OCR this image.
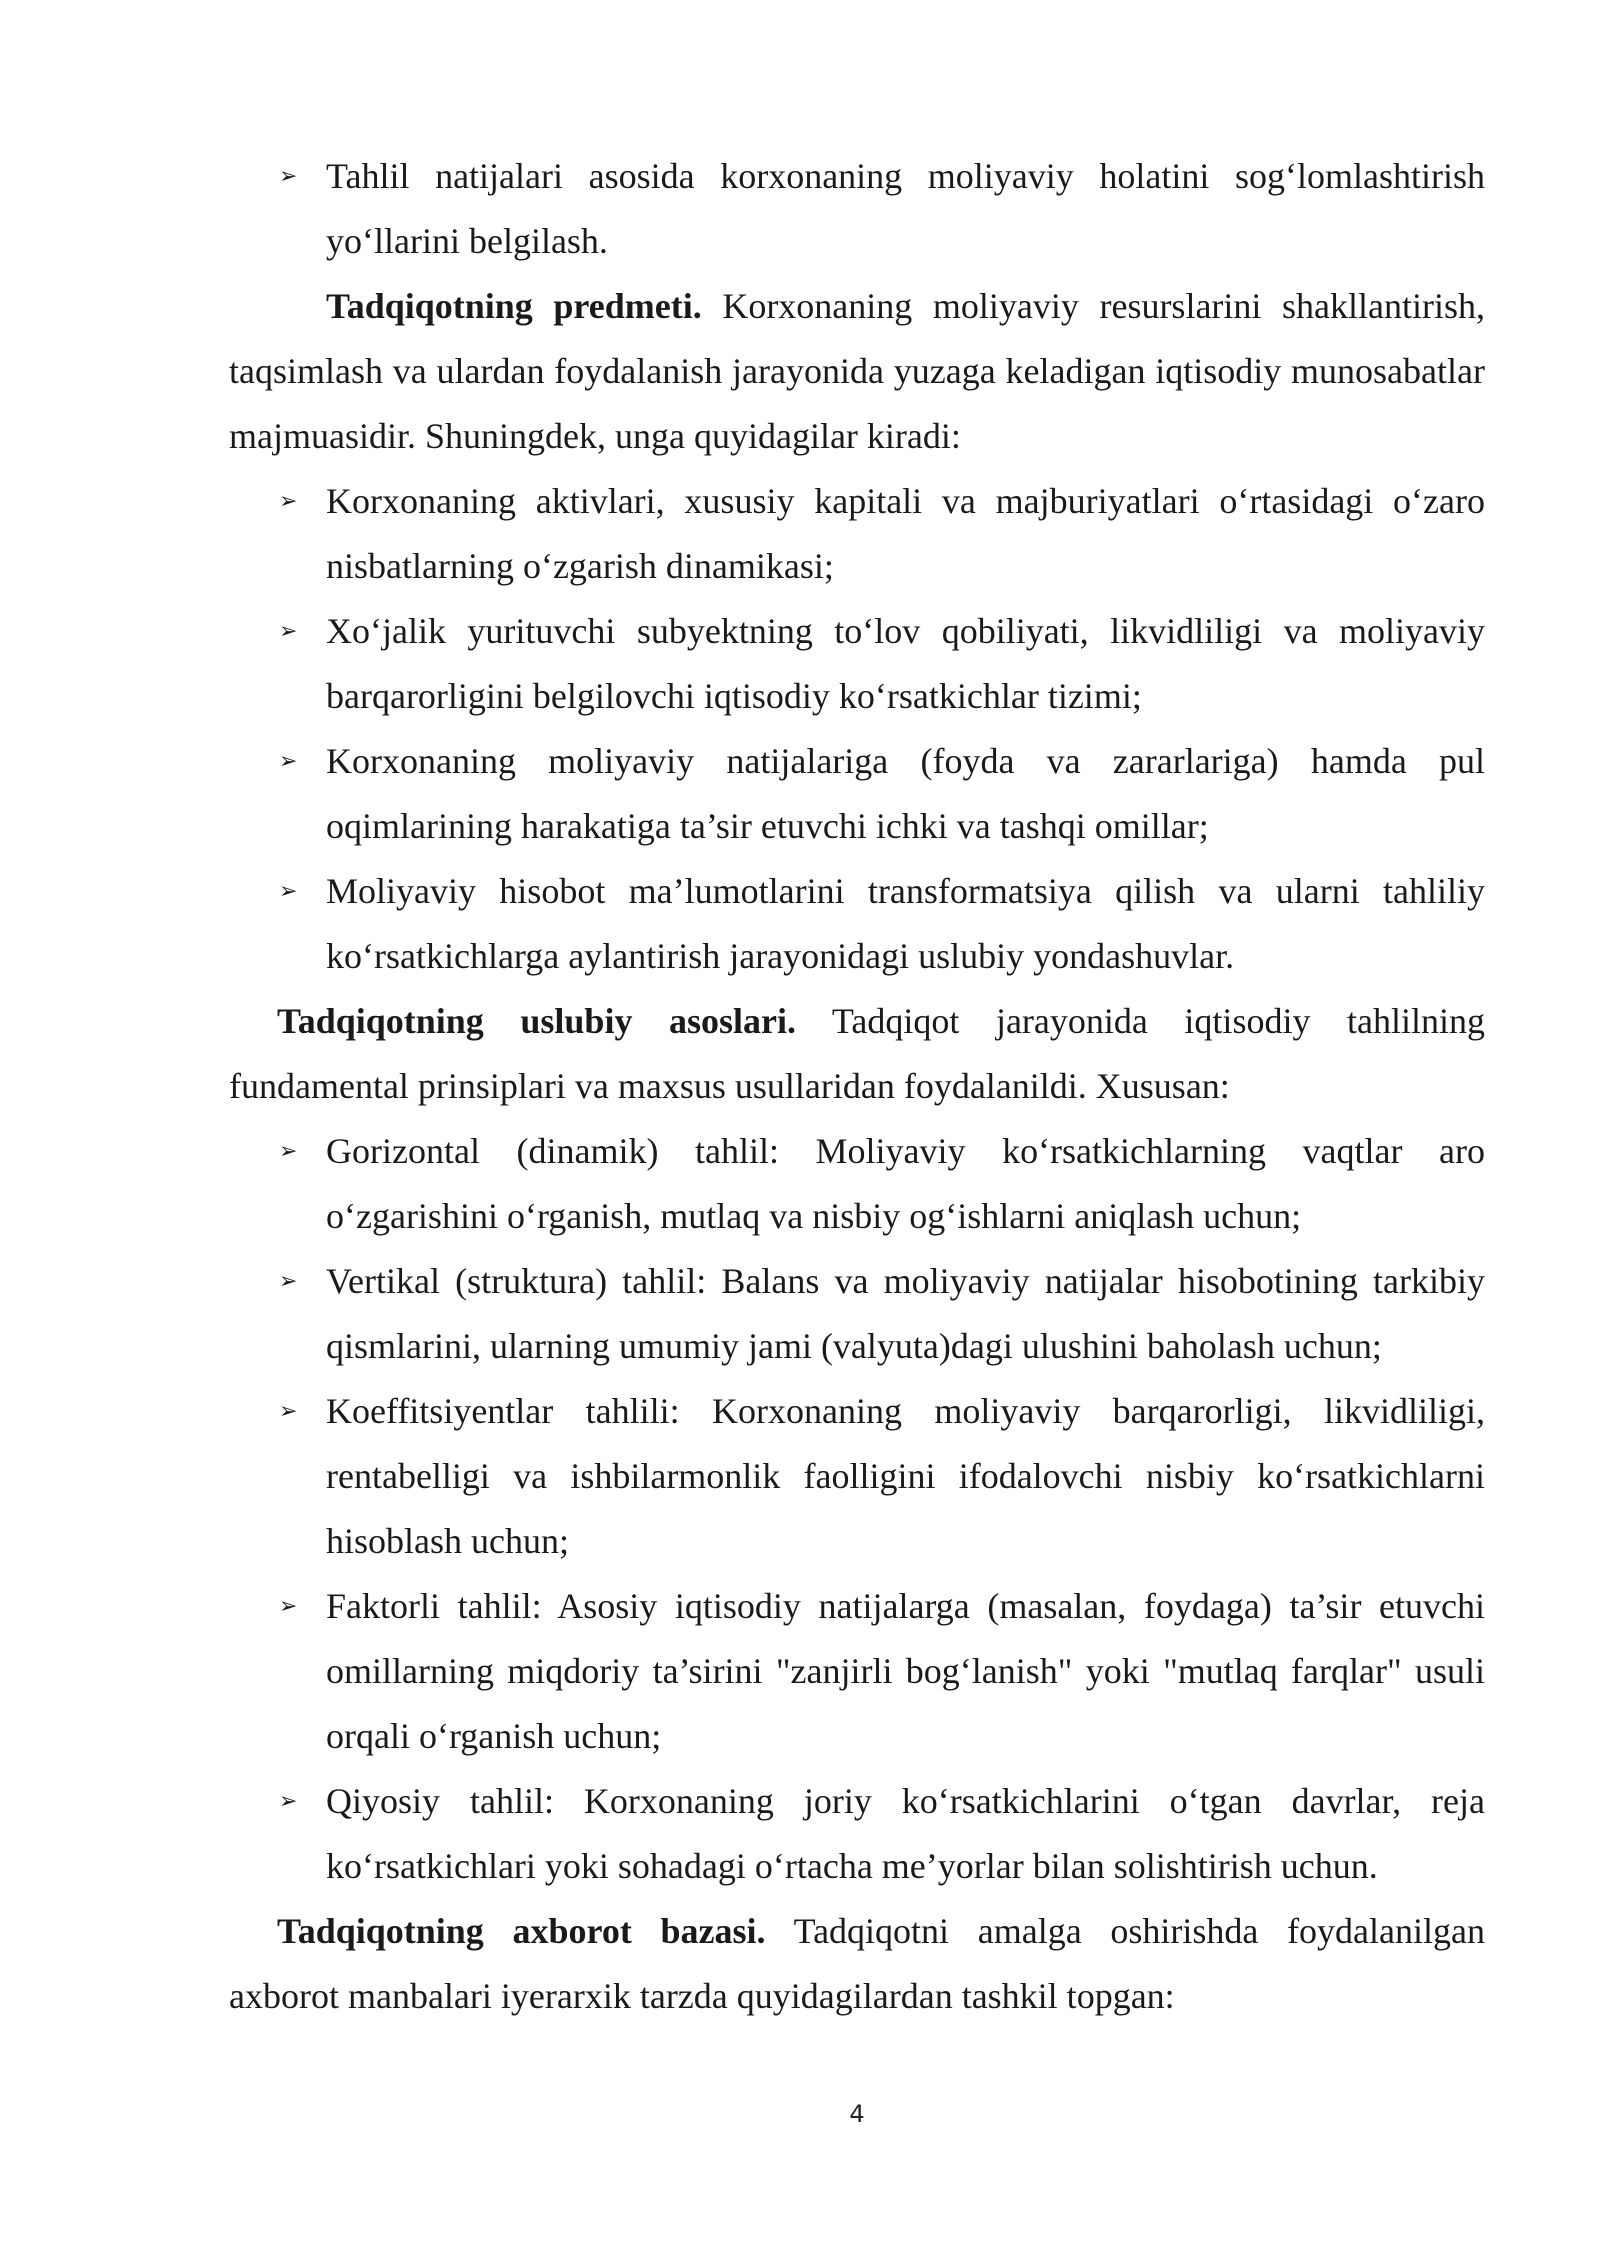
➢ Tahlil natijalari asosida korxonaning moliyaviy holatini sog‘lomlashtirish yo‘llarini belgilash.

Tadqiqotning predmeti. Korxonaning moliyaviy resurslarini shakllantirish, taqsimlash va ulardan foydalanish jarayonida yuzaga keladigan iqtisodiy munosabatlar majmuasidir. Shuningdek, unga quyidagilar kiradi:

➢ Korxonaning aktivlari, xususiy kapitali va majburiyatlari o‘rtasidagi o‘zaro nisbatlarning o‘zgarish dinamikasi;

➢ Xo‘jalik yurituvchi subyektning to‘lov qobiliyati, likvidliligi va moliyaviy barqarorligini belgilovchi iqtisodiy ko‘rsatkichlar tizimi;

➢ Korxonaning moliyaviy natijalariga (foyda va zararlariga) hamda pul oqimlarining harakatiga ta’sir etuvchi ichki va tashqi omillar;

➢ Moliyaviy hisobot ma’lumotlarini transformatsiya qilish va ularni tahliliy ko‘rsatkichlarga aylantirish jarayonidagi uslubiy yondashuvlar.

Tadqiqotning uslubiy asoslari. Tadqiqot jarayonida iqtisodiy tahlilning fundamental prinsiplari va maxsus usullaridan foydalanildi. Xususan:

➢ Gorizontal (dinamik) tahlil: Moliyaviy ko‘rsatkichlarning vaqtlar aro o‘zgarishini o‘rganish, mutlaq va nisbiy og‘ishlarni aniqlash uchun;

➢ Vertikal (struktura) tahlil: Balans va moliyaviy natijalar hisobotining tarkibiy qismlarini, ularning umumiy jami (valyuta)dagi ulushini baholash uchun;

➢ Koeffitsiyentlar tahlili: Korxonaning moliyaviy barqarorligi, likvidliligi, rentabelligi va ishbilarmonlik faolligini ifodalovchi nisbiy ko‘rsatkichlarni hisoblash uchun;

➢ Faktorli tahlil: Asosiy iqtisodiy natijalarga (masalan, foydaga) ta’sir etuvchi omillarning miqdoriy ta’sirini "zanjirli bog‘lanish" yoki "mutlaq farqlar" usuli orqali o‘rganish uchun;

➢ Qiyosiy tahlil: Korxonaning joriy ko‘rsatkichlarini o‘tgan davrlar, reja ko‘rsatkichlari yoki sohadagi o‘rtacha me’yorlar bilan solishtirish uchun.

Tadqiqotning axborot bazasi. Tadqiqotni amalga oshirishda foydalanilgan axborot manbalari iyerarxik tarzda quyidagilardan tashkil topgan:

4
